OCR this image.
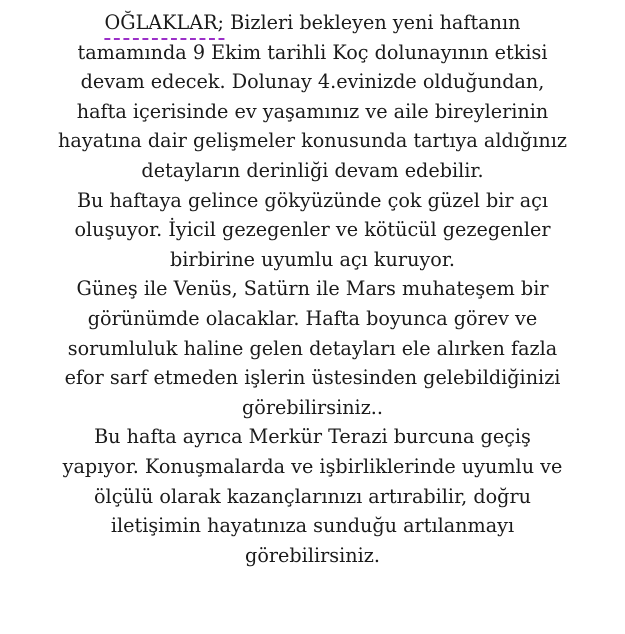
OĞLAKLAR; Bizleri bekleyen yeni haftanın
tamamında 9 Ekim tarihli Koç dolunayının etkisi
devam edecek. Dolunay 4.evinizde olduğundan,
hafta içerisinde ev yaşamınız ve aile bireylerinin
hayatına dair gelişmeler konusunda tartıya aldığınız
detayların derinliği devam edebilir.
Bu haftaya gelince gökyüzünde çok güzel bir açı
oluşuyor. İyicil gezegenler ve kötücül gezegenler
birbirine uyumlu açı kuruyor.
Güneş ile Venüs, Satürn ile Mars muhateşem bir
görünümde olacaklar. Hafta boyunca görev ve
sorumluluk haline gelen detayları ele alırken fazla
efor sarf etmeden işlerin üstesinden gelebildiğinizi
görebilirsiniz..
Bu hafta ayrıca Merkür Terazi burcuna geçiş
yapıyor. Konuşmalarda ve işbirliklerinde uyumlu ve
ölçülü olarak kazançlarınızı artırabilir, doğru
iletişimin hayatınıza sunduğu artılanmayı
görebilirsiniz.
